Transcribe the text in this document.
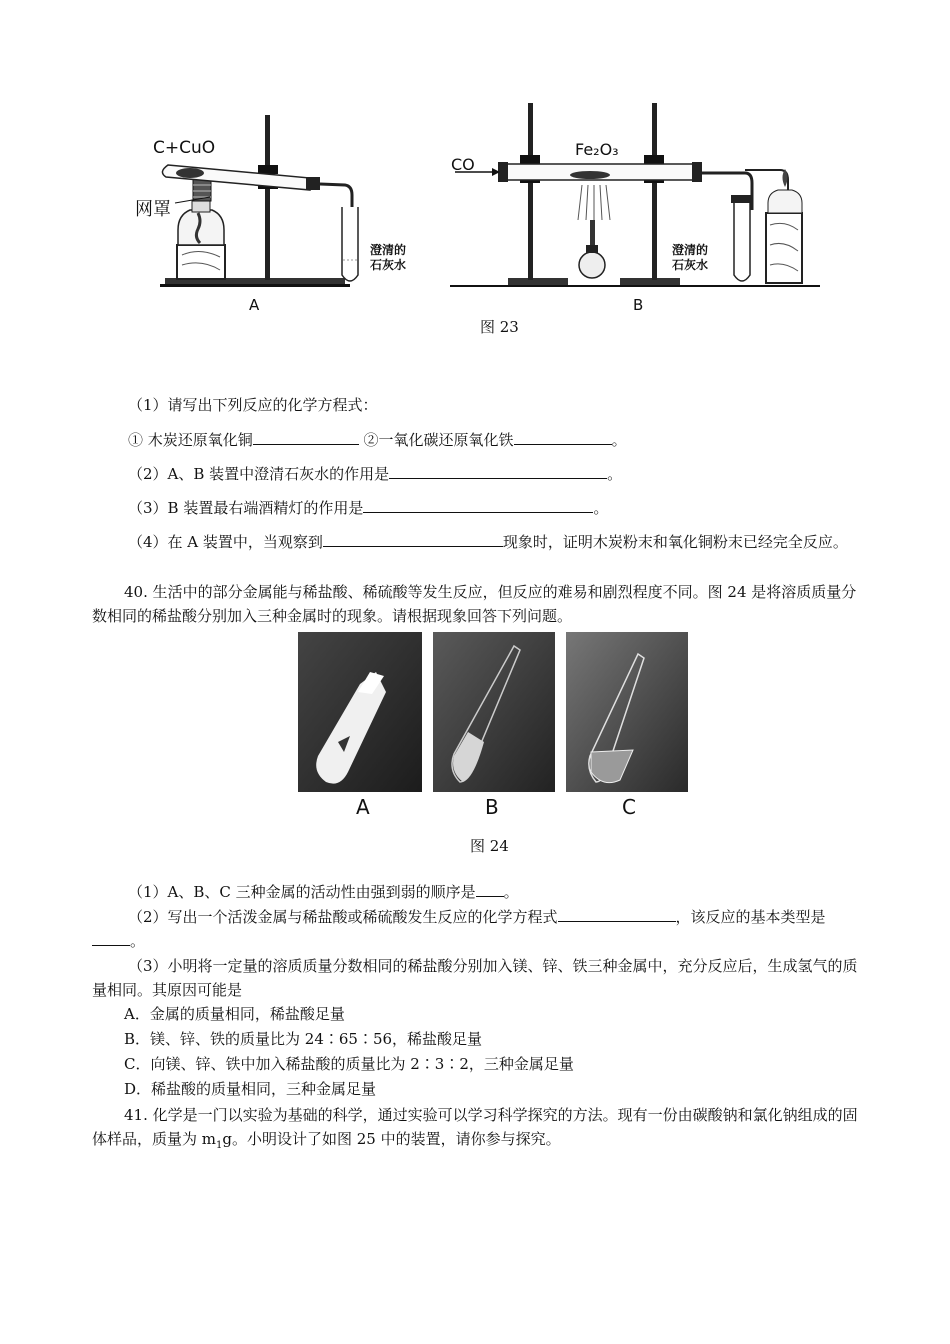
C+CuO
网罩
澄清的
石灰水
CO
Fe₂O₃
澄清的
石灰水
A	B
图 23
（1）请写出下列反应的化学方程式：
① 木炭还原氧化铜	②一氧化碳还原氧化铁	。
（2）A、B 装置中澄清石灰水的作用是	。
（3）B 装置最右端酒精灯的作用是	。
（4）在 A 装置中，当观察到	现象时，证明木炭粉末和氧化铜粉末已经完全反应。
40. 生活中的部分金属能与稀盐酸、稀硫酸等发生反应，但反应的难易和剧烈程度不同。图 24 是将溶质质量分数相同的稀盐酸分别加入三种金属时的现象。请根据现象回答下列问题。
A	B	C
图 24
（1）A、B、C 三种金属的活动性由强到弱的顺序是 。
（2）写出一个活泼金属与稀盐酸或稀硫酸发生反应的化学方程式	，该反应的基本类型是。
（3）小明将一定量的溶质质量分数相同的稀盐酸分别加入镁、锌、铁三种金属中，充分反应后，生成氢气的质量相同。其原因可能是
A．金属的质量相同，稀盐酸足量
B．镁、锌、铁的质量比为 24∶65∶56，稀盐酸足量
C．向镁、锌、铁中加入稀盐酸的质量比为 2∶3∶2，三种金属足量
D．稀盐酸的质量相同，三种金属足量
41. 化学是一门以实验为基础的科学，通过实验可以学习科学探究的方法。现有一份由碳酸钠和氯化钠组成的固体样品，质量为 $m_1g$。小明设计了如图 25 中的装置，请你参与探究。
